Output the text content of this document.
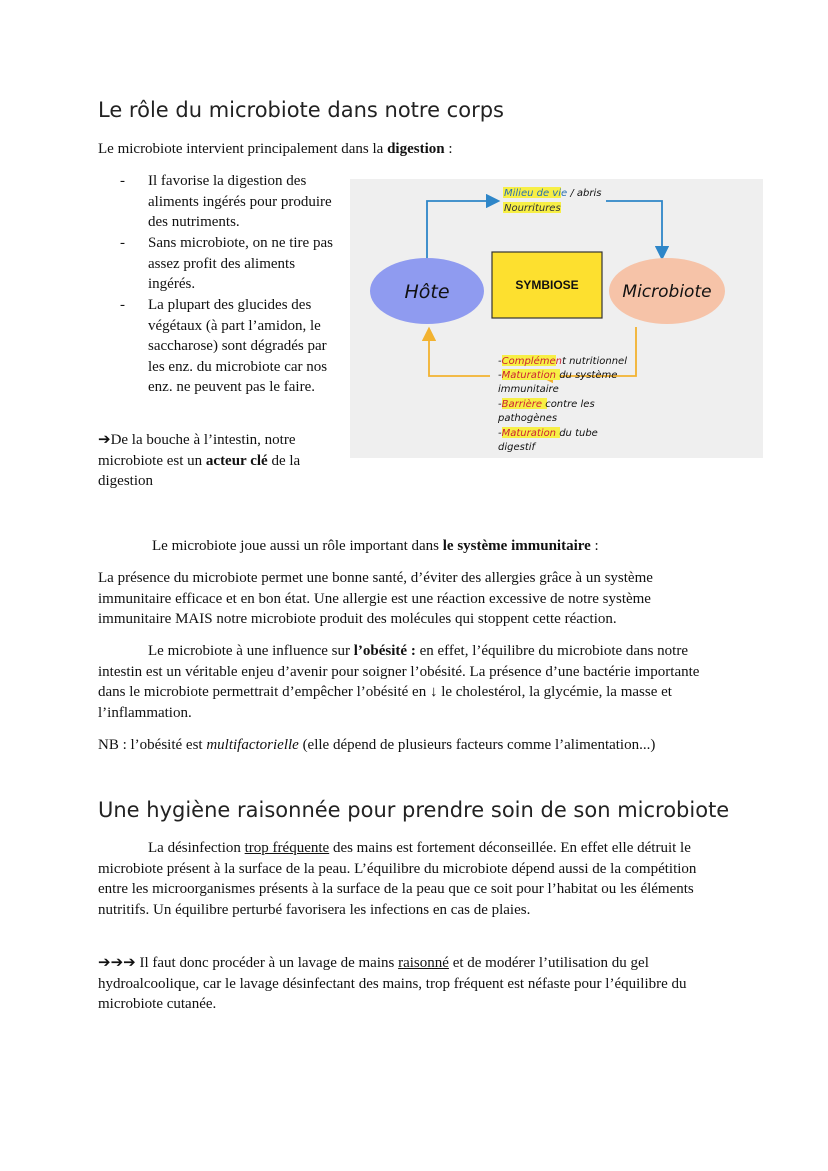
Le rôle du microbiote dans notre corps
Le microbiote intervient principalement dans la digestion :
- Il favorise la digestion des aliments ingérés pour produire des nutriments.
- Sans microbiote, on ne tire pas assez profit des aliments ingérés.
- La plupart des glucides des végétaux (à part l’amidon, le saccharose) sont dégradés par les enz. du microbiote car nos enz. ne peuvent pas le faire.
➔De la bouche à l’intestin, notre microbiote est un acteur clé de la digestion
Hôte	SYMBIOSE	Microbiote
Milieu de vie / abris
Nourritures
-Complément nutritionnel
-Maturation du système
immunitaire
-Barrière contre les
pathogènes
-Maturation du tube
digestif
Le microbiote joue aussi un rôle important dans le système immunitaire :
La présence du microbiote permet une bonne santé, d’éviter des allergies grâce à un système immunitaire efficace et en bon état. Une allergie est une réaction excessive de notre système immunitaire MAIS notre microbiote produit des molécules qui stoppent cette réaction.
Le microbiote à une influence sur l’obésité : en effet, l’équilibre du microbiote dans notre intestin est un véritable enjeu d’avenir pour soigner l’obésité. La présence d’une bactérie importante dans le microbiote permettrait d’empêcher l’obésité en ↓ le cholestérol, la glycémie, la masse et l’inflammation.
NB : l’obésité est multifactorielle (elle dépend de plusieurs facteurs comme l’alimentation...)
Une hygiène raisonnée pour prendre soin de son microbiote
La désinfection trop fréquente des mains est fortement déconseillée. En effet elle détruit le microbiote présent à la surface de la peau. L’équilibre du microbiote dépend aussi de la compétition entre les microorganismes présents à la surface de la peau que ce soit pour l’habitat ou les éléments nutritifs. Un équilibre perturbé favorisera les infections en cas de plaies.
➔➔➔ Il faut donc procéder à un lavage de mains raisonné et de modérer l’utilisation du gel hydroalcoolique, car le lavage désinfectant des mains, trop fréquent est néfaste pour l’équilibre du microbiote cutanée.
